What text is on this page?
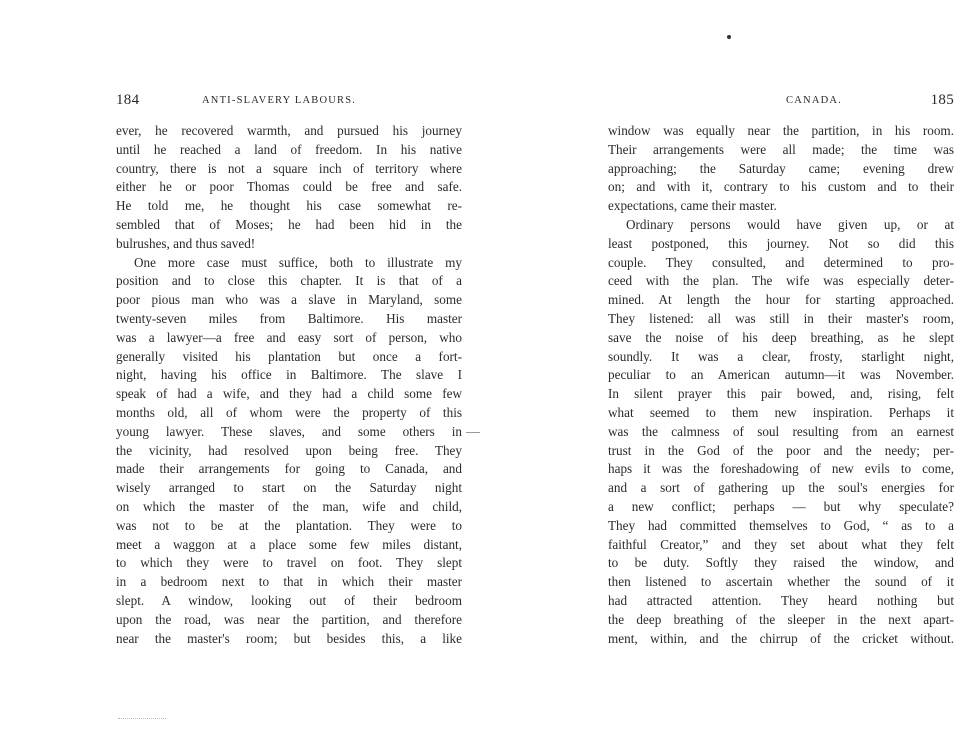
184	ANTI-SLAVERY LABOURS.
ever, he recovered warmth, and pursued his journey
until he reached a land of freedom. In his native
country, there is not a square inch of territory where
either he or poor Thomas could be free and safe.
He told me, he thought his case somewhat re-
sembled that of Moses; he had been hid in the
bulrushes, and thus saved!
One more case must suffice, both to illustrate my
position and to close this chapter. It is that of a
poor pious man who was a slave in Maryland, some
twenty-seven miles from Baltimore. His master
was a lawyer—a free and easy sort of person, who
generally visited his plantation but once a fort-
night, having his office in Baltimore. The slave I
speak of had a wife, and they had a child some few
months old, all of whom were the property of this
young lawyer. These slaves, and some others in
the vicinity, had resolved upon being free. They
made their arrangements for going to Canada, and
wisely arranged to start on the Saturday night
on which the master of the man, wife and child,
was not to be at the plantation. They were to
meet a waggon at a place some few miles distant,
to which they were to travel on foot. They slept
in a bedroom next to that in which their master
slept. A window, looking out of their bedroom
upon the road, was near the partition, and therefore
near the master's room; but besides this, a like
CANADA.	185
window was equally near the partition, in his room.
Their arrangements were all made; the time was
approaching; the Saturday came; evening drew
on; and with it, contrary to his custom and to their
expectations, came their master.
Ordinary persons would have given up, or at
least postponed, this journey. Not so did this
couple. They consulted, and determined to pro-
ceed with the plan. The wife was especially deter-
mined. At length the hour for starting approached.
They listened: all was still in their master's room,
save the noise of his deep breathing, as he slept
soundly. It was a clear, frosty, starlight night,
peculiar to an American autumn—it was November.
In silent prayer this pair bowed, and, rising, felt
what seemed to them new inspiration. Perhaps it
was the calmness of soul resulting from an earnest
trust in the God of the poor and the needy; per-
haps it was the foreshadowing of new evils to come,
and a sort of gathering up the soul's energies for
a new conflict; perhaps — but why speculate?
They had committed themselves to God, “ as to a
faithful Creator,” and they set about what they felt
to be duty. Softly they raised the window, and
then listened to ascertain whether the sound of it
had attracted attention. They heard nothing but
the deep breathing of the sleeper in the next apart-
ment, within, and the chirrup of the cricket without.
